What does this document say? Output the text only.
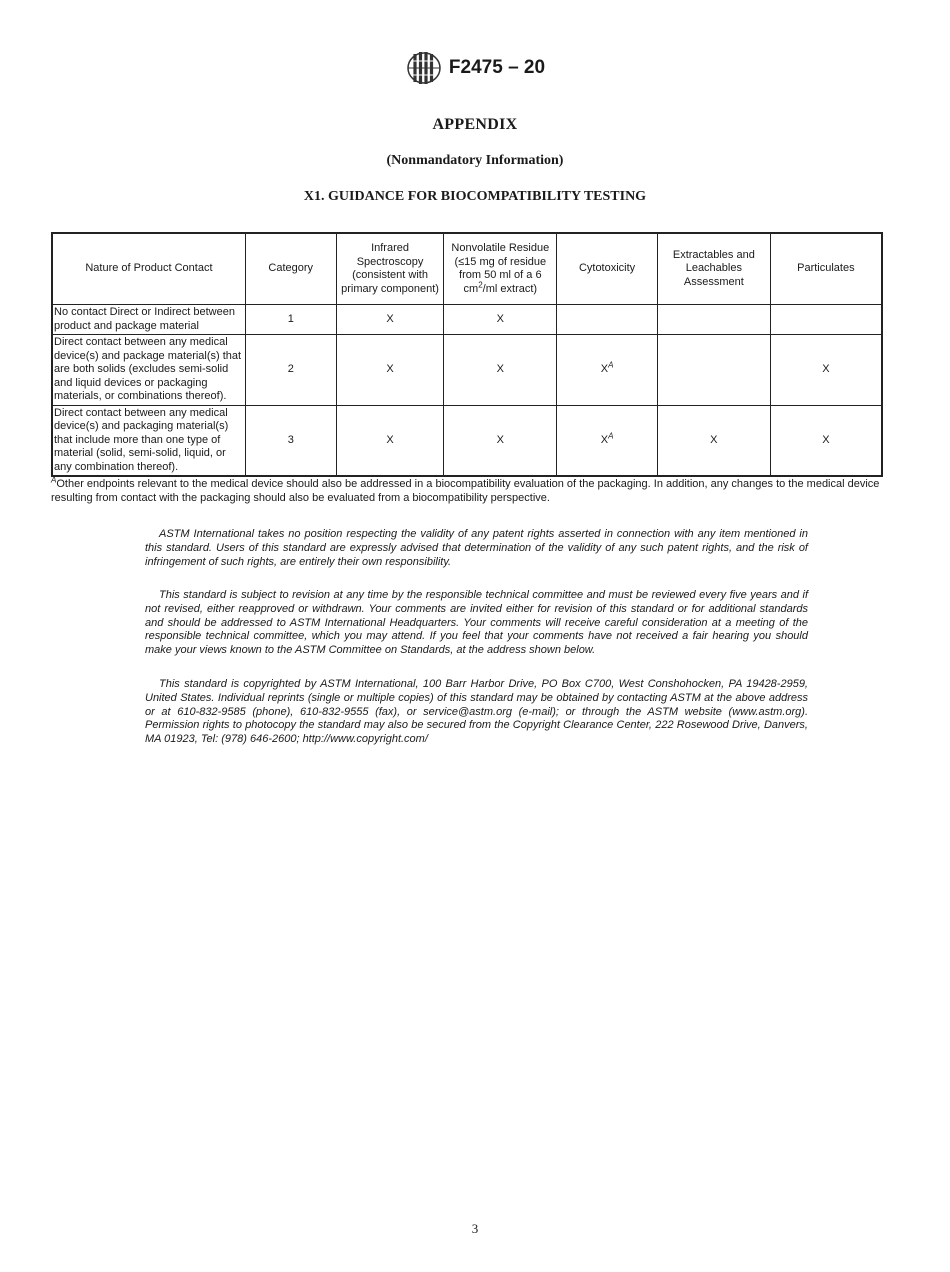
F2475 – 20
APPENDIX
(Nonmandatory Information)
X1. GUIDANCE FOR BIOCOMPATIBILITY TESTING
Nature of Product Contact	Category	Infrared Spectroscopy (consistent with primary component)	Nonvolatile Residue (≤15 mg of residue from 50 ml of a 6 $cm^2/ml$ extract)	Cytotoxicity	Extractables and Leachables Assessment	Particulates
No contact Direct or Indirect between product and package material	1	X	X			
Direct contact between any medical device(s) and package material(s) that are both solids (excludes semi-solid and liquid devices or packaging materials, or combinations thereof).	2	X	X	$X^A$		X
Direct contact between any medical device(s) and packaging material(s) that include more than one type of material (solid, semi-solid, liquid, or any combination thereof).	3	X	X	$X^A$	X	X
$^A$Other endpoints relevant to the medical device should also be addressed in a biocompatibility evaluation of the packaging. In addition, any changes to the medical device resulting from contact with the packaging should also be evaluated from a biocompatibility perspective.

ASTM International takes no position respecting the validity of any patent rights asserted in connection with any item mentioned in this standard. Users of this standard are expressly advised that determination of the validity of any such patent rights, and the risk of infringement of such rights, are entirely their own responsibility.

This standard is subject to revision at any time by the responsible technical committee and must be reviewed every five years and if not revised, either reapproved or withdrawn. Your comments are invited either for revision of this standard or for additional standards and should be addressed to ASTM International Headquarters. Your comments will receive careful consideration at a meeting of the responsible technical committee, which you may attend. If you feel that your comments have not received a fair hearing you should make your views known to the ASTM Committee on Standards, at the address shown below.

This standard is copyrighted by ASTM International, 100 Barr Harbor Drive, PO Box C700, West Conshohocken, PA 19428-2959, United States. Individual reprints (single or multiple copies) of this standard may be obtained by contacting ASTM at the above address or at 610-832-9585 (phone), 610-832-9555 (fax), or service@astm.org (e-mail); or through the ASTM website (www.astm.org). Permission rights to photocopy the standard may also be secured from the Copyright Clearance Center, 222 Rosewood Drive, Danvers, MA 01923, Tel: (978) 646-2600; http://www.copyright.com/

3
